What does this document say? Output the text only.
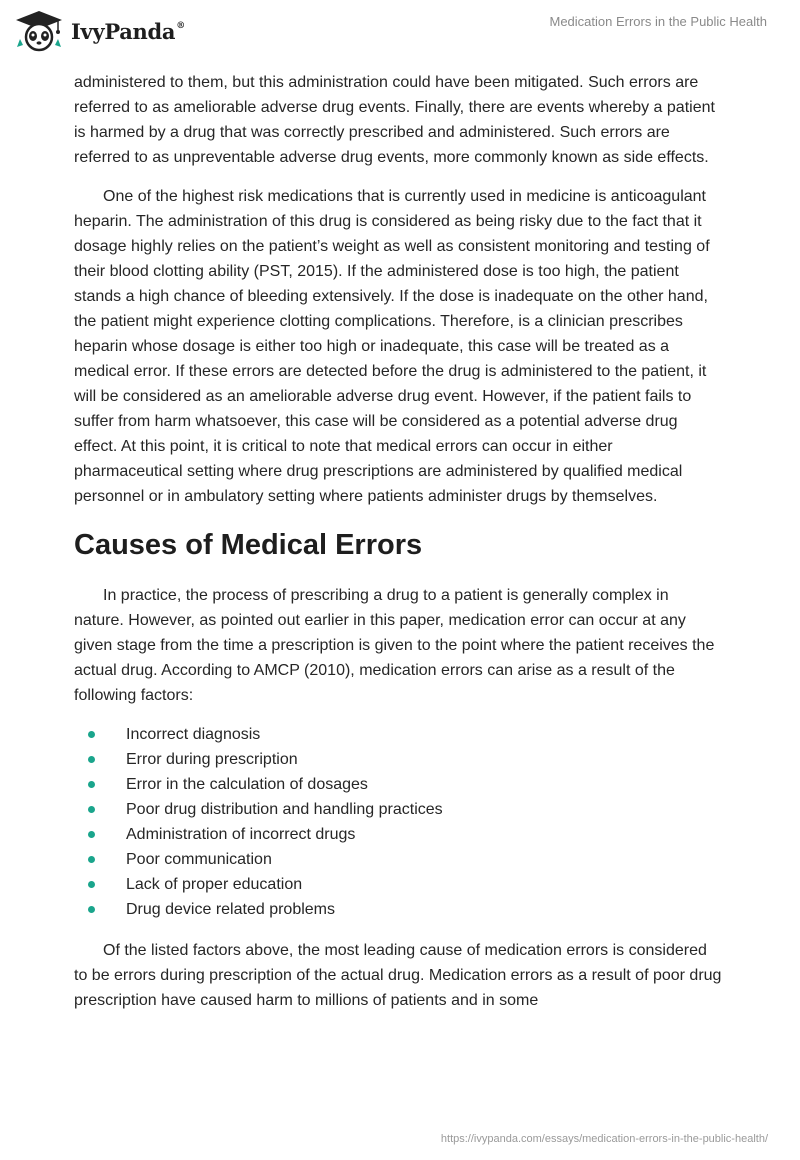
IvyPanda®	Medication Errors in the Public Health

administered to them, but this administration could have been mitigated. Such errors are referred to as ameliorable adverse drug events. Finally, there are events whereby a patient is harmed by a drug that was correctly prescribed and administered. Such errors are referred to as unpreventable adverse drug events, more commonly known as side effects.

One of the highest risk medications that is currently used in medicine is anticoagulant heparin. The administration of this drug is considered as being risky due to the fact that it dosage highly relies on the patient’s weight as well as consistent monitoring and testing of their blood clotting ability (PST, 2015). If the administered dose is too high, the patient stands a high chance of bleeding extensively. If the dose is inadequate on the other hand, the patient might experience clotting complications. Therefore, is a clinician prescribes heparin whose dosage is either too high or inadequate, this case will be treated as a medical error. If these errors are detected before the drug is administered to the patient, it will be considered as an ameliorable adverse drug event. However, if the patient fails to suffer from harm whatsoever, this case will be considered as a potential adverse drug effect. At this point, it is critical to note that medical errors can occur in either pharmaceutical setting where drug prescriptions are administered by qualified medical personnel or in ambulatory setting where patients administer drugs by themselves.

Causes of Medical Errors

In practice, the process of prescribing a drug to a patient is generally complex in nature. However, as pointed out earlier in this paper, medication error can occur at any given stage from the time a prescription is given to the point where the patient receives the actual drug. According to AMCP (2010), medication errors can arise as a result of the following factors:

Incorrect diagnosis
Error during prescription
Error in the calculation of dosages
Poor drug distribution and handling practices
Administration of incorrect drugs
Poor communication
Lack of proper education
Drug device related problems

Of the listed factors above, the most leading cause of medication errors is considered to be errors during prescription of the actual drug. Medication errors as a result of poor drug prescription have caused harm to millions of patients and in some

https://ivypanda.com/essays/medication-errors-in-the-public-health/
